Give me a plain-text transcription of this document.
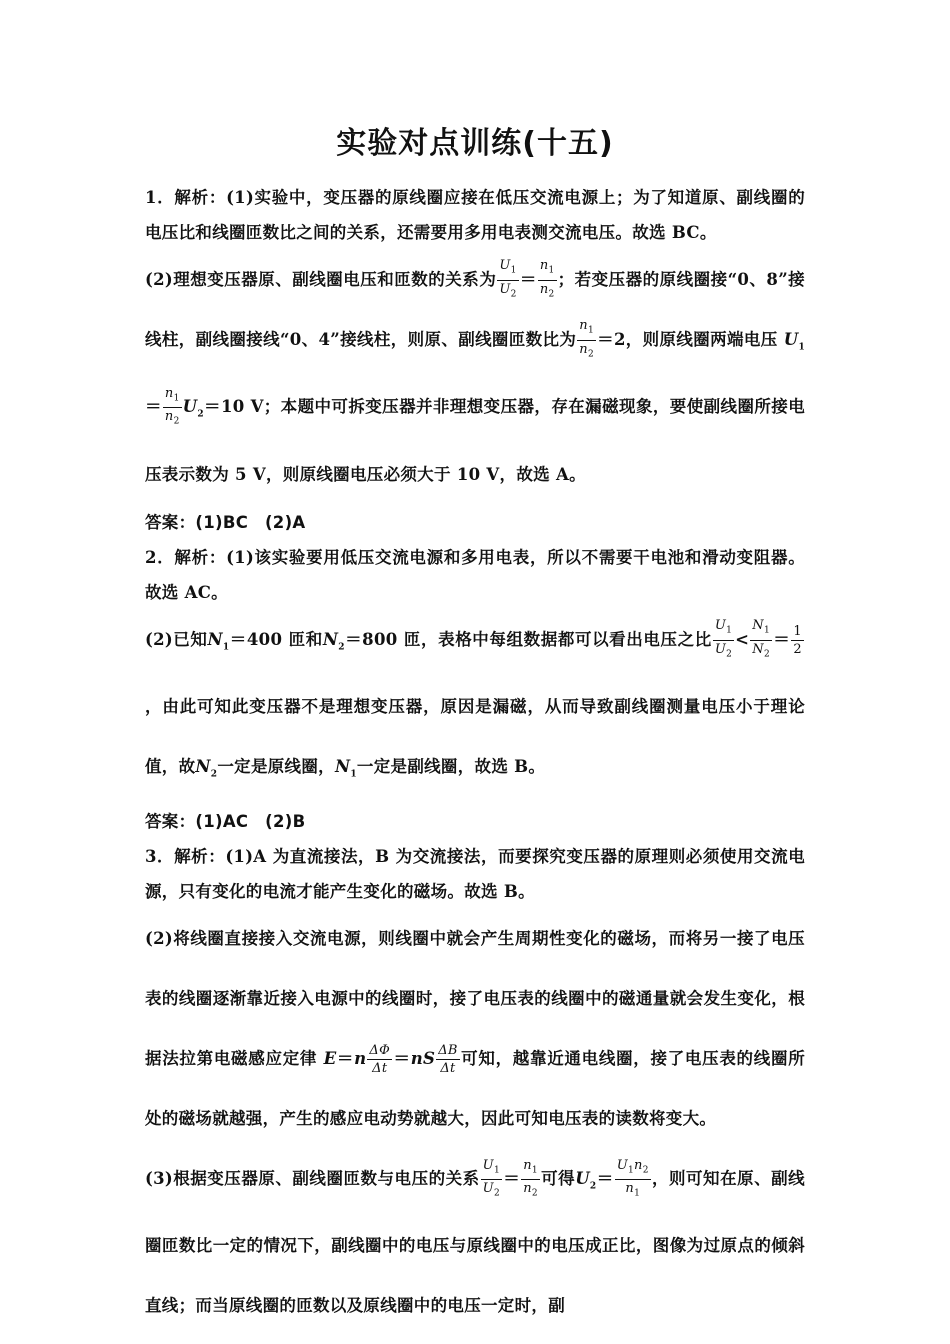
实验对点训练(十五)

1．解析：(1)实验中，变压器的原线圈应接在低压交流电源上；为了知道原、副线圈的电压比和线圈匝数比之间的关系，还需要用多用电表测交流电压。故选 BC。

(2)理想变压器原、副线圈电压和匝数的关系为 $\frac{U_1}{U_2} = \frac{n_1}{n_2}$ ；若变压器的原线圈接“0、8”接线柱，副线圈接线“0、4”接线柱，则原、副线圈匝数比为 $\frac{n_1}{n_2} =2$，则原线圈两端电压 $U_1= \frac{n_1}{n_2} U_2=10$ V；本题中可拆变压器并非理想变压器，存在漏磁现象，要使副线圈所接电压表示数为 5 V，则原线圈电压必须大于 10 V，故选 A。

答案：(1)BC　(2)A

2．解析：(1)该实验要用低压交流电源和多用电表，所以不需要干电池和滑动变阻器。故选 AC。

(2)已知$N_1=400$ 匝和$N_2=800$ 匝，表格中每组数据都可以看出电压之比 $\frac{U_1}{U_2} < \frac{N_1}{N_2} = \frac{1}{2}$
，由此可知此变压器不是理想变压器，原因是漏磁，从而导致副线圈测量电压小于理论值，故$N_2$一定是原线圈，$N_1$一定是副线圈，故选 B。

答案：(1)AC　(2)B

3．解析：(1)A 为直流接法，B 为交流接法，而要探究变压器的原理则必须使用交流电源，只有变化的电流才能产生变化的磁场。故选 B。

(2)将线圈直接接入交流电源，则线圈中就会产生周期性变化的磁场，而将另一接了电压表的线圈逐渐靠近接入电源中的线圈时，接了电压表的线圈中的磁通量就会发生变化，根据法拉第电磁感应定律 $E=n \frac{\Delta\Phi}{\Delta t} =nS \frac{\Delta B}{\Delta t}$ 可知，越靠近通电线圈，接了电压表的线圈所处的磁场就越强，产生的感应电动势就越大，因此可知电压表的读数将变大。

(3)根据变压器原、副线圈匝数与电压的关系 $\frac{U_1}{U_2} = \frac{n_1}{n_2}$ 可得$U_2= \frac{U_1n_2}{n_1}$ ，则可知在原、副线圈匝数比一定的情况下，副线圈中的电压与原线圈中的电压成正比，图像为过原点的倾斜直线；而当原线圈的匝数以及原线圈中的电压一定时，副
